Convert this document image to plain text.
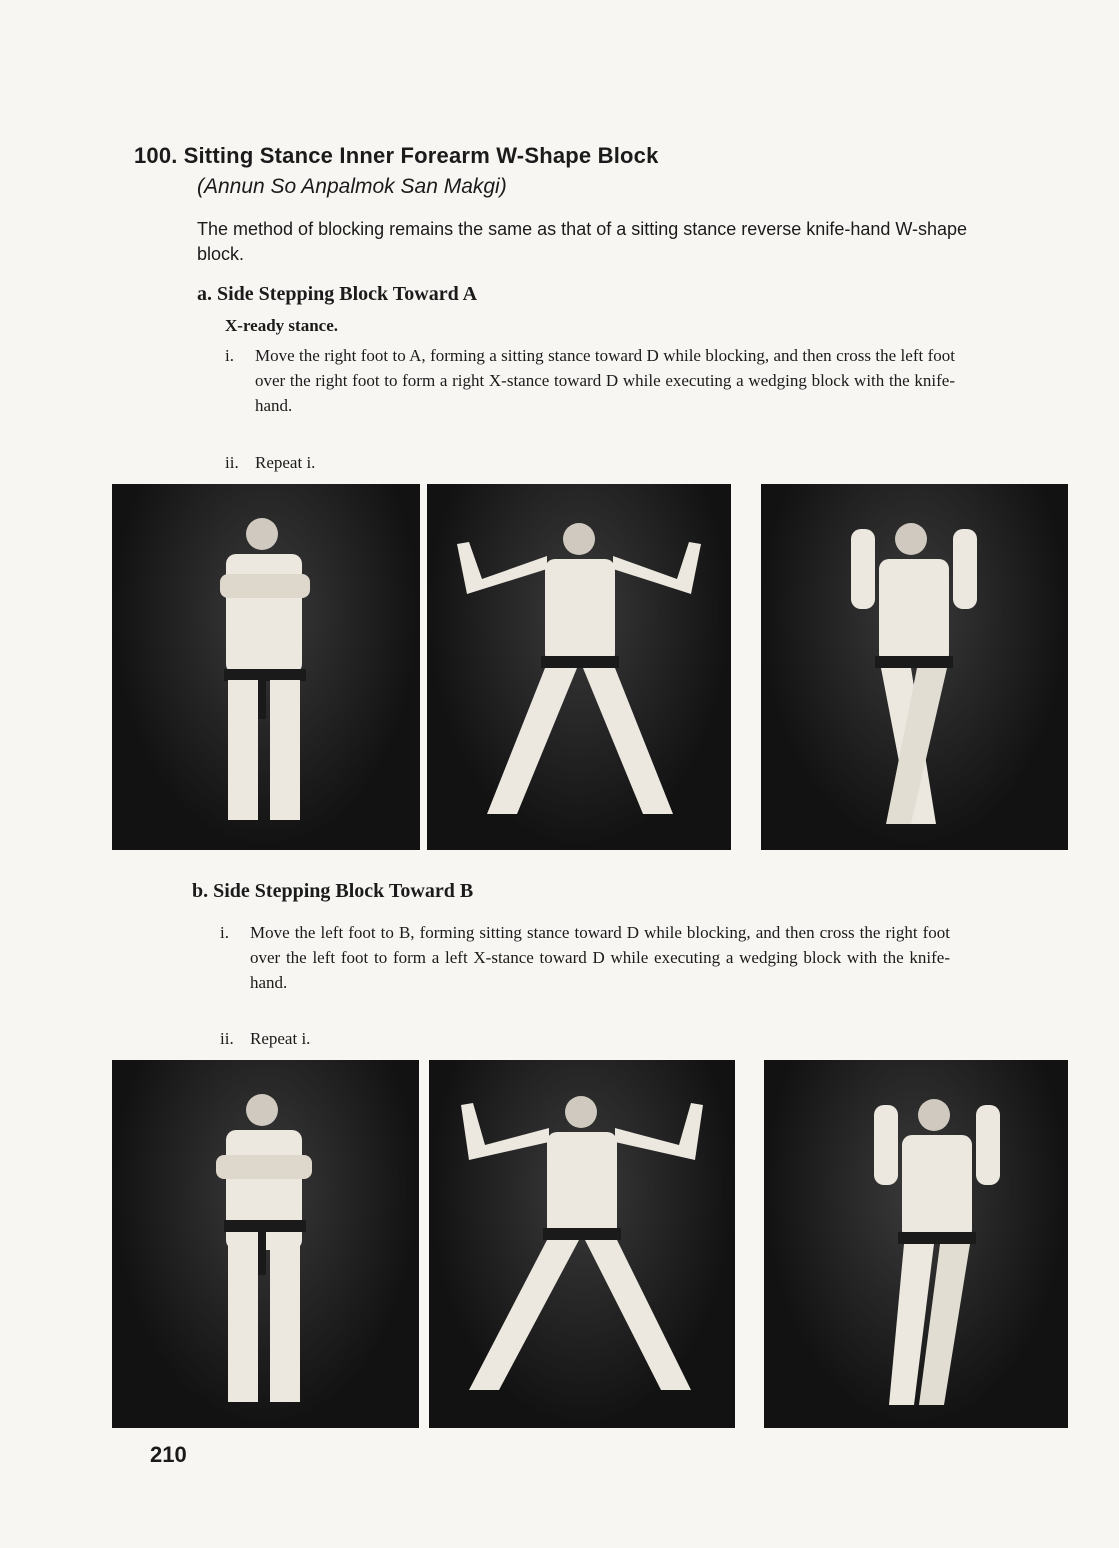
100. Sitting Stance Inner Forearm W-Shape Block
(Annun So Anpalmok San Makgi)
The method of blocking remains the same as that of a sitting stance reverse knife-hand W-shape block.
a. Side Stepping Block Toward A
X-ready stance.
i. Move the right foot to A, forming a sitting stance toward D while blocking, and then cross the left foot over the right foot to form a right X-stance toward D while executing a wedging block with the knife-hand.
ii. Repeat i.
b. Side Stepping Block Toward B
i. Move the left foot to B, forming sitting stance toward D while blocking, and then cross the right foot over the left foot to form a left X-stance toward D while executing a wedging block with the knife-hand.
ii. Repeat i.
210
